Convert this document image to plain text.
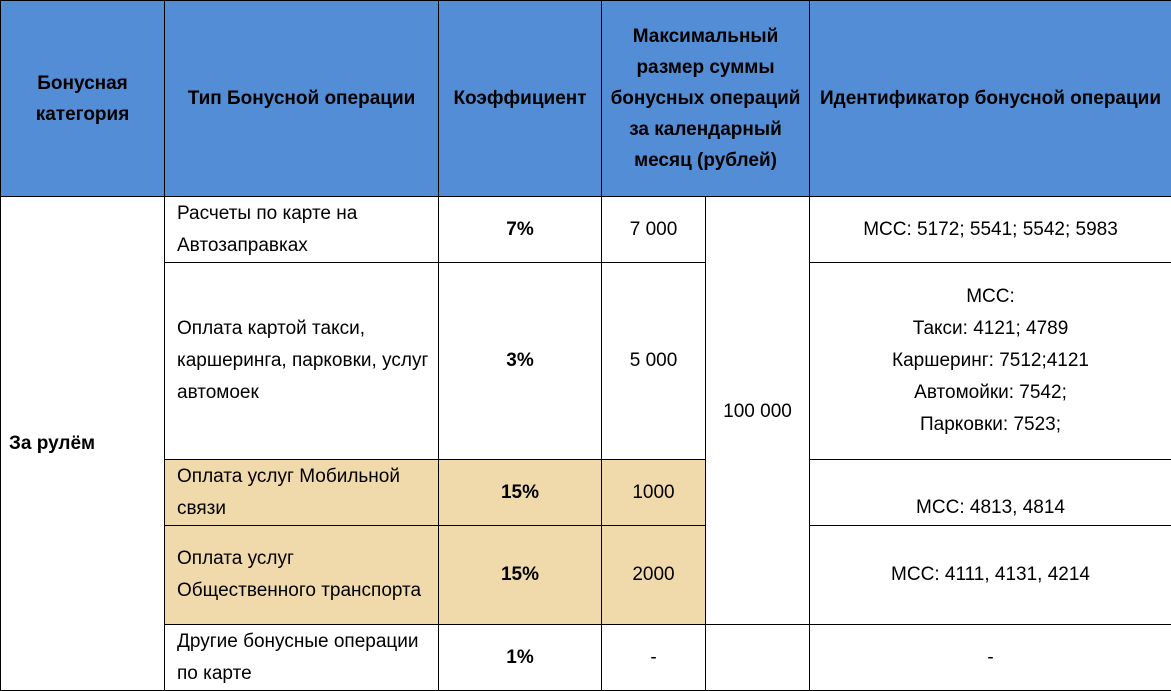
Бонусная категория	Тип Бонусной операции	Коэффициент	Максимальный размер суммы бонусных операций за календарный месяц (рублей)		Идентификатор бонусной операции
За рулём	Расчеты по карте на Автозаправках	7%	7 000	100 000	MCC: 5172; 5541; 5542; 5983
	Оплата картой такси, каршеринга, парковки, услуг автомоек	3%	5 000		MCC:
Такси: 4121; 4789
Каршеринг: 7512;4121
Автомойки: 7542;
Парковки: 7523;

	Оплата услуг Мобильной связи	15%	1000		MCC: 4813, 4814
	Оплата услуг Общественного транспорта	15%	2000		MCC: 4111, 4131, 4214
	Другие бонусные операции по карте	1%	-		-
